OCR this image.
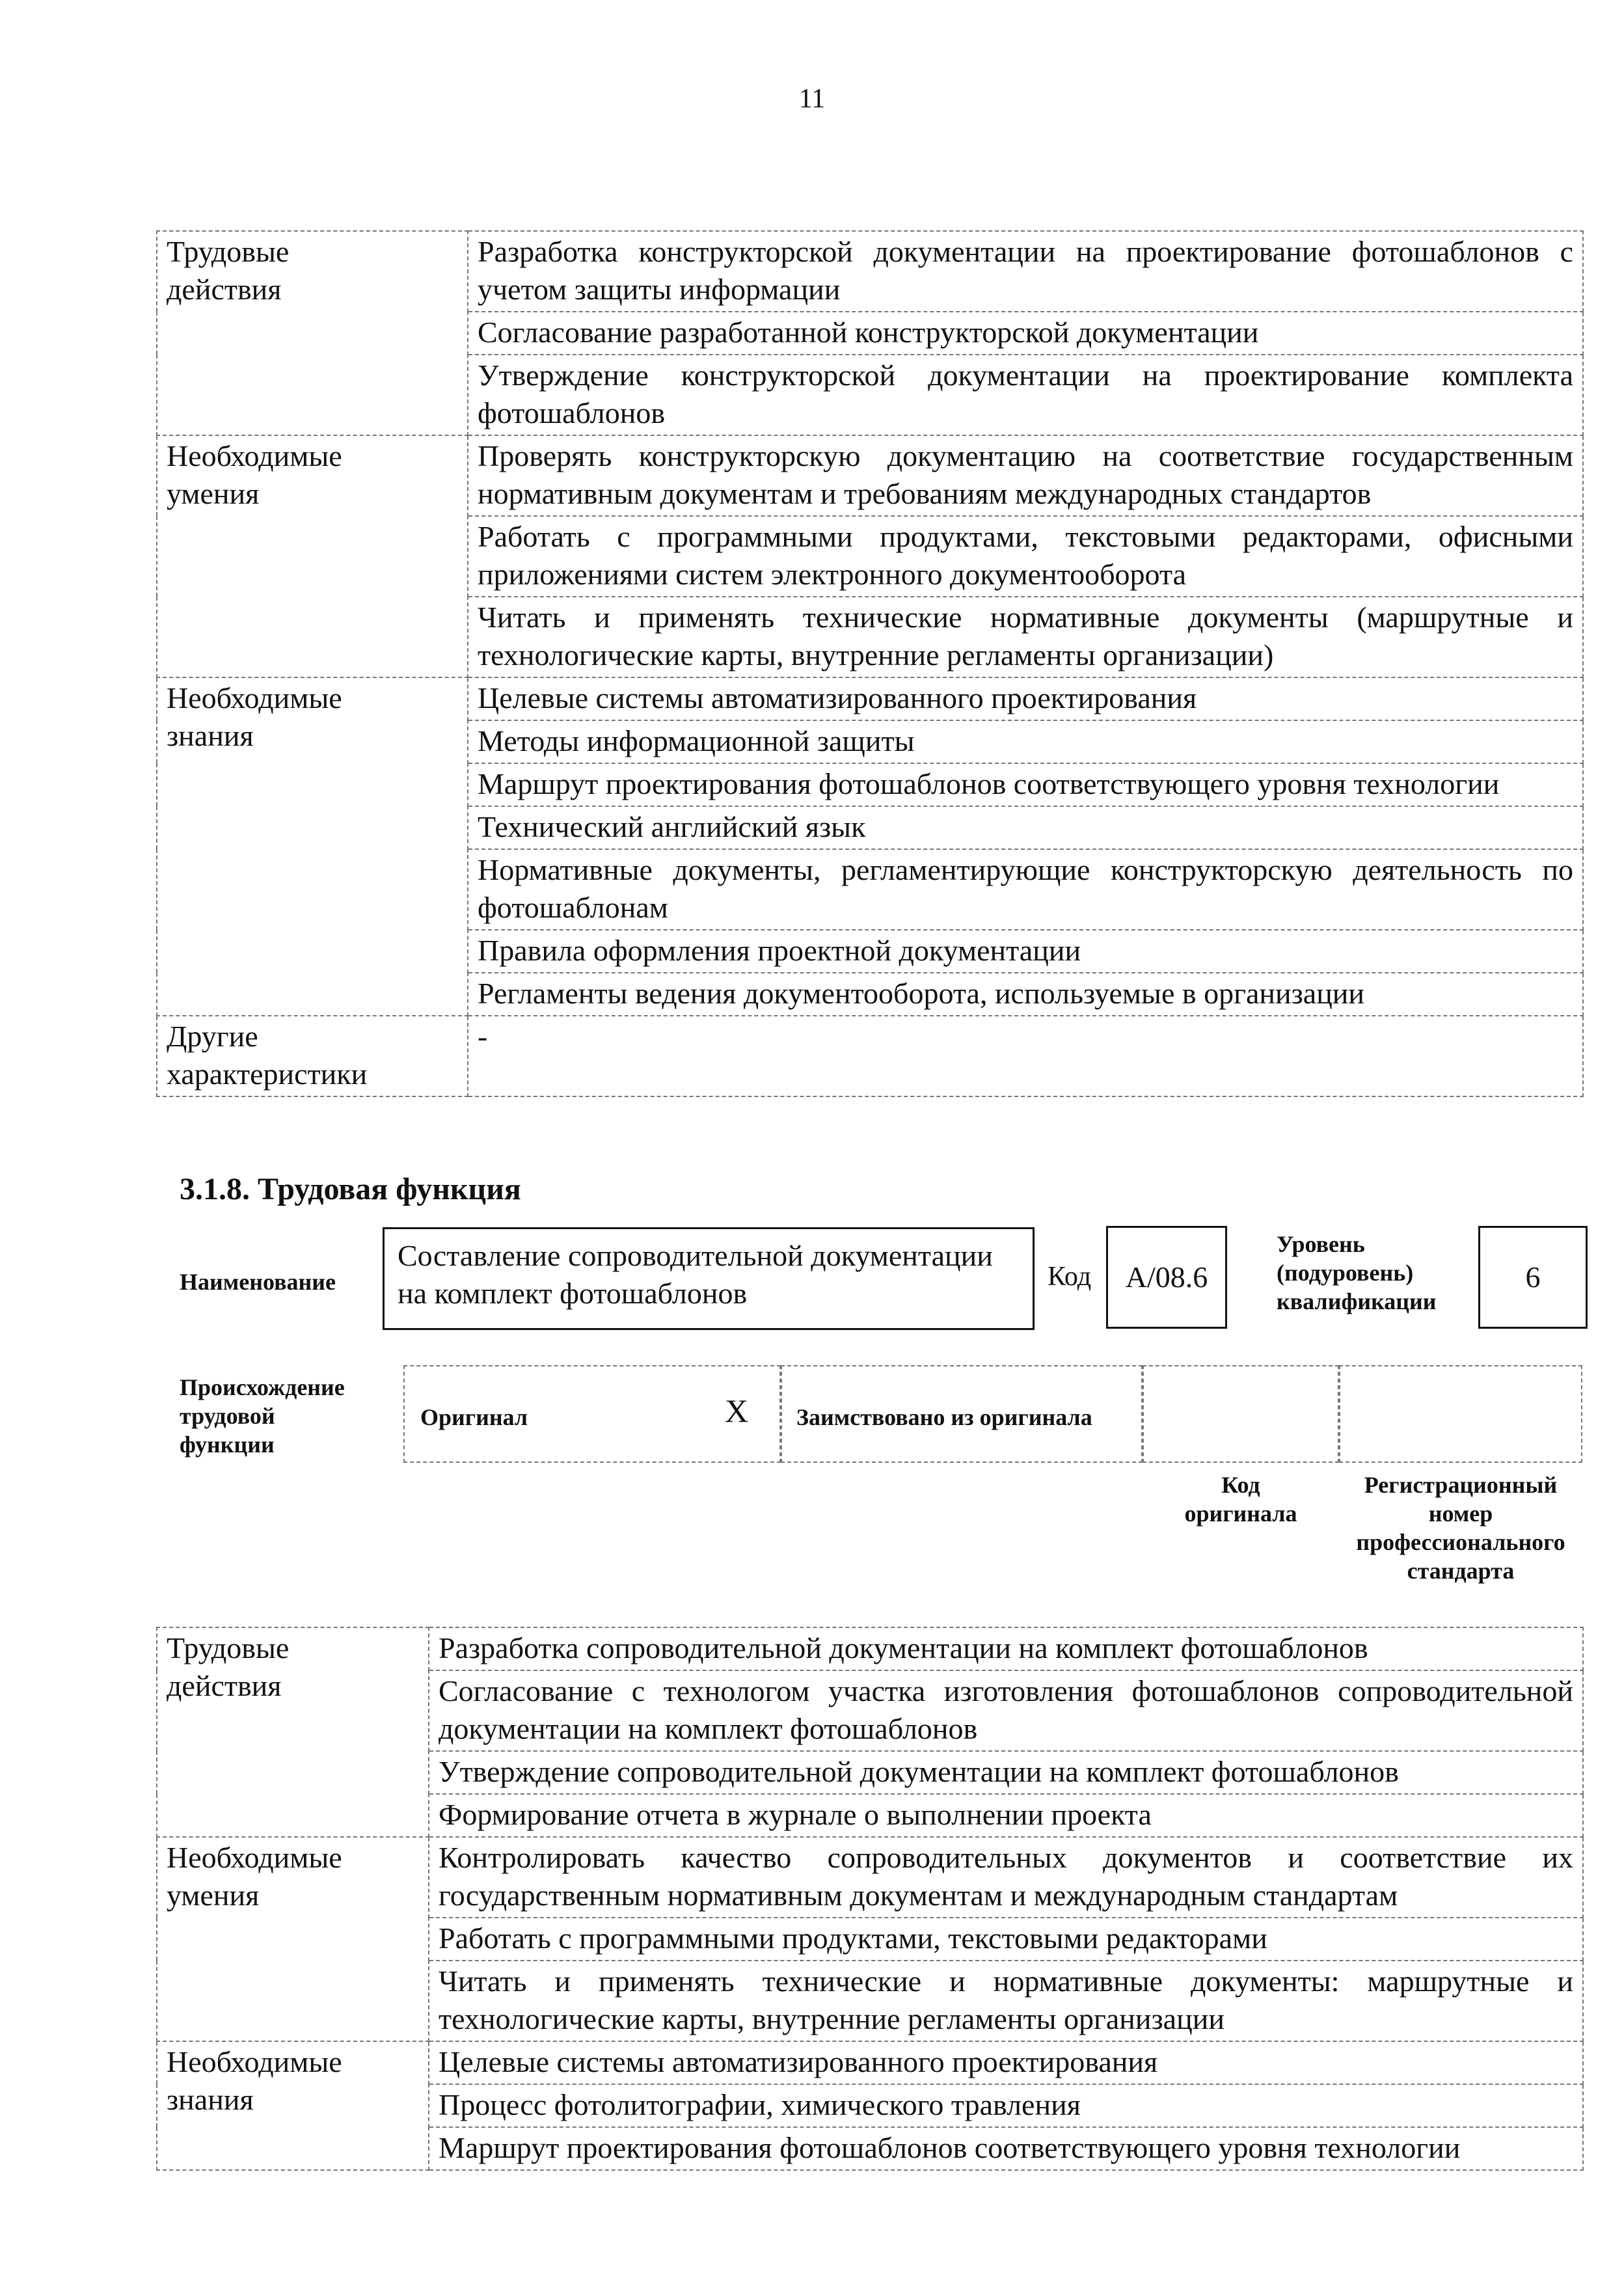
11
Трудовые
действия	Разработка конструкторской документации на проектирование фотошаблонов с учетом защиты информации
	Согласование разработанной конструкторской документации
	Утверждение конструкторской документации на проектирование комплекта фотошаблонов

Необходимые
умения	Проверять конструкторскую документацию на соответствие государственным нормативным документам и требованиям международных стандартов
	Работать с программными продуктами, текстовыми редакторами, офисными приложениями систем электронного документооборота
	Читать и применять технические нормативные документы (маршрутные и технологические карты, внутренние регламенты организации)

Необходимые
знания	Целевые системы автоматизированного проектирования
	Методы информационной защиты
	Маршрут проектирования фотошаблонов соответствующего уровня технологии
	Технический английский язык
	Нормативные документы, регламентирующие конструкторскую деятельность по фотошаблонам
	Правила оформления проектной документации
	Регламенты ведения документооборота, используемые в организации

Другие
характеристики	-
3.1.8. Трудовая функция
Наименование
Составление сопроводительной документации на комплект фотошаблонов	Код	A/08.6
Уровень
(подуровень)
квалификации
6
Происхождение
трудовой
функции
Оригинал	X Заимствовано из оригинала
Код
оригинала
Регистрационный
номер
профессионального
стандарта
Трудовые
действия	Разработка сопроводительной документации на комплект фотошаблонов
	Согласование с технологом участка изготовления фотошаблонов сопроводительной документации на комплект фотошаблонов
	Утверждение сопроводительной документации на комплект фотошаблонов
	Формирование отчета в журнале о выполнении проекта

Необходимые
умения	Контролировать качество сопроводительных документов и соответствие их государственным нормативным документам и международным стандартам
	Работать с программными продуктами, текстовыми редакторами
	Читать и применять технические и нормативные документы: маршрутные и технологические карты, внутренние регламенты организации

Необходимые
знания	Целевые системы автоматизированного проектирования
	Процесс фотолитографии, химического травления
	Маршрут проектирования фотошаблонов соответствующего уровня технологии
